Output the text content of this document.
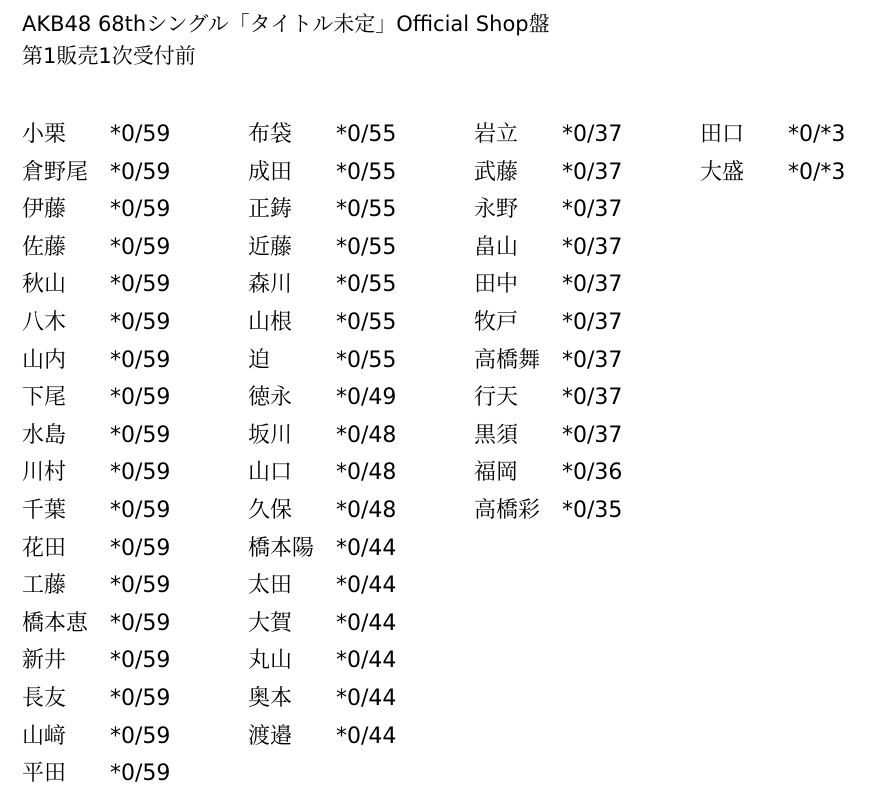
AKB48 68thシングル「タイトル未定」Official Shop盤
第1販売1次受付前
小栗 *0/59
倉野尾 *0/59
伊藤 *0/59
佐藤 *0/59
秋山 *0/59
八木 *0/59
山内 *0/59
下尾 *0/59
水島 *0/59
川村 *0/59
千葉 *0/59
花田 *0/59
工藤 *0/59
橋本恵 *0/59
新井 *0/59
長友 *0/59
山﨑 *0/59
平田 *0/59
布袋 *0/55
成田 *0/55
正鋳 *0/55
近藤 *0/55
森川 *0/55
山根 *0/55
迫	*0/55
徳永 *0/49
坂川 *0/48
山口 *0/48
久保 *0/48
橋本陽 *0/44
太田 *0/44
大賀 *0/44
丸山 *0/44
奥本 *0/44
渡邉 *0/44
岩立 *0/37
武藤 *0/37
永野 *0/37
畠山 *0/37
田中 *0/37
牧戸 *0/37
高橋舞 *0/37
行天 *0/37
黒須 *0/37
福岡 *0/36
高橋彩 *0/35
田口 *0/*3
大盛 *0/*3
